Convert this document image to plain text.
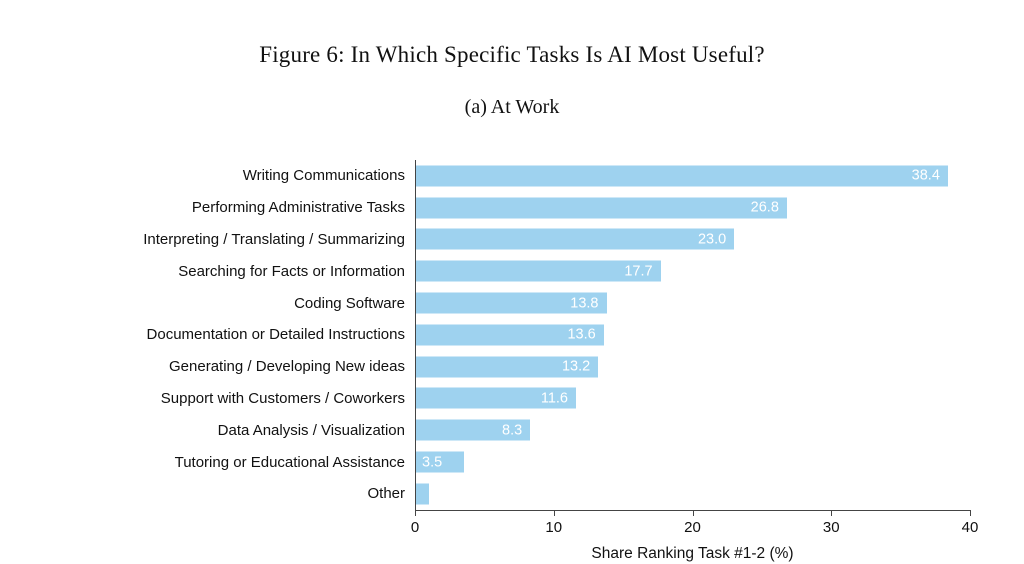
Figure 6: In Which Specific Tasks Is AI Most Useful?
(a) At Work
Writing Communications	38.4
Performing Administrative Tasks	26.8
Interpreting / Translating / Summarizing	23.0
Searching for Facts or Information	17.7
Coding Software	13.8
Documentation or Detailed Instructions	13.6
Generating / Developing New ideas	13.2
Support with Customers / Coworkers	11.6
Data Analysis / Visualization	8.3
Tutoring or Educational Assistance	3.5
Other
0	10	20	30	40
Share Ranking Task #1-2 (%)
